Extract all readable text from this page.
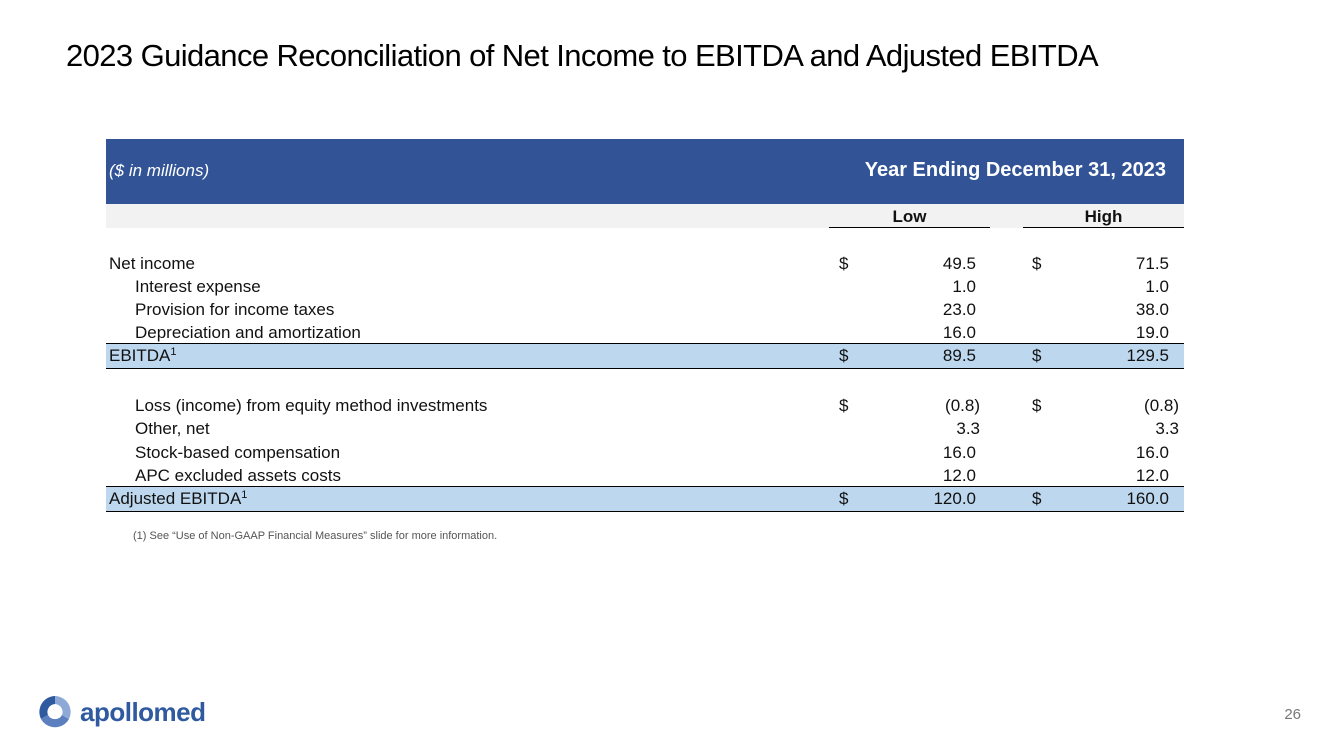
2023 Guidance Reconciliation of Net Income to EBITDA and Adjusted EBITDA
($ in millions)	Year Ending December 31, 2023
Low	High
Net income	$	49.5	$	71.5
Interest expense	1.0	1.0
Provision for income taxes	23.0	38.0
Depreciation and amortization	16.0	19.0
EBITDA$^1$	$	89.5	$	129.5
Loss (income) from equity method investments	$	(0.8)	$	(0.8)
Other, net	3.3	3.3
Stock-based compensation	16.0	16.0
APC excluded assets costs	12.0	12.0
Adjusted EBITDA$^1$	$	120.0	$	160.0
(1) See “Use of Non-GAAP Financial Measures” slide for more information.
apollomed	26
